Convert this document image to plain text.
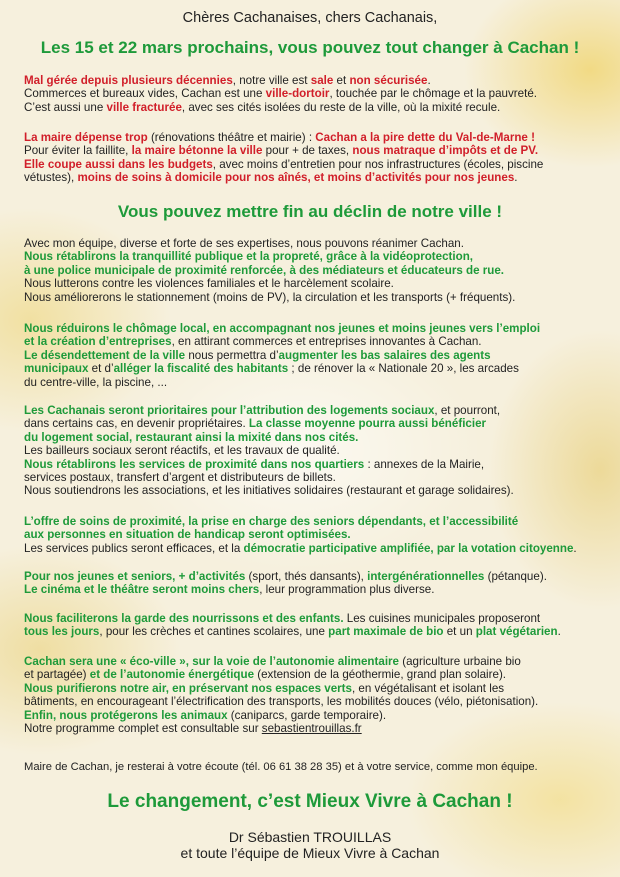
Chères Cachanaises, chers Cachanais,
Les 15 et 22 mars prochains, vous pouvez tout changer à Cachan !
Mal gérée depuis plusieurs décennies, notre ville est sale et non sécurisée.
Commerces et bureaux vides, Cachan est une ville-dortoir, touchée par le chômage et la pauvreté.
C’est aussi une ville fracturée, avec ses cités isolées du reste de la ville, où la mixité recule.
La maire dépense trop (rénovations théâtre et mairie) : Cachan a la pire dette du Val-de-Marne !
Pour éviter la faillite, la maire bétonne la ville pour + de taxes, nous matraque d’impôts et de PV.
Elle coupe aussi dans les budgets, avec moins d’entretien pour nos infrastructures (écoles, piscine
vétustes), moins de soins à domicile pour nos aînés, et moins d’activités pour nos jeunes.
Vous pouvez mettre fin au déclin de notre ville !
Avec mon équipe, diverse et forte de ses expertises, nous pouvons réanimer Cachan.
Nous rétablirons la tranquillité publique et la propreté, grâce à la vidéoprotection,
à une police municipale de proximité renforcée, à des médiateurs et éducateurs de rue.
Nous lutterons contre les violences familiales et le harcèlement scolaire.
Nous améliorerons le stationnement (moins de PV), la circulation et les transports (+ fréquents).
Nous réduirons le chômage local, en accompagnant nos jeunes et moins jeunes vers l’emploi
et la création d’entreprises, en attirant commerces et entreprises innovantes à Cachan.
Le désendettement de la ville nous permettra d’augmenter les bas salaires des agents
municipaux et d’alléger la fiscalité des habitants ; de rénover la « Nationale 20 », les arcades
du centre-ville, la piscine, ...
Les Cachanais seront prioritaires pour l’attribution des logements sociaux, et pourront,
dans certains cas, en devenir propriétaires. La classe moyenne pourra aussi bénéficier
du logement social, restaurant ainsi la mixité dans nos cités.
Les bailleurs sociaux seront réactifs, et les travaux de qualité.
Nous rétablirons les services de proximité dans nos quartiers : annexes de la Mairie,
services postaux, transfert d’argent et distributeurs de billets.
Nous soutiendrons les associations, et les initiatives solidaires (restaurant et garage solidaires).
L’offre de soins de proximité, la prise en charge des seniors dépendants, et l’accessibilité
aux personnes en situation de handicap seront optimisées.
Les services publics seront efficaces, et la démocratie participative amplifiée, par la votation citoyenne.
Pour nos jeunes et seniors, + d’activités (sport, thés dansants), intergénérationnelles (pétanque).
Le cinéma et le théâtre seront moins chers, leur programmation plus diverse.
Nous faciliterons la garde des nourrissons et des enfants. Les cuisines municipales proposeront
tous les jours, pour les crèches et cantines scolaires, une part maximale de bio et un plat végétarien.
Cachan sera une « éco-ville », sur la voie de l’autonomie alimentaire (agriculture urbaine bio
et partagée) et de l’autonomie énergétique (extension de la géothermie, grand plan solaire).
Nous purifierons notre air, en préservant nos espaces verts, en végétalisant et isolant les
bâtiments, en encourageant l’électrification des transports, les mobilités douces (vélo, piétonisation).
Enfin, nous protégerons les animaux (caniparcs, garde temporaire).
Notre programme complet est consultable sur sebastientrouillas.fr
Maire de Cachan, je resterai à votre écoute (tél. 06 61 38 28 35) et à votre service, comme mon équipe.
Le changement, c’est Mieux Vivre à Cachan !
Dr Sébastien TROUILLAS
et toute l’équipe de Mieux Vivre à Cachan
